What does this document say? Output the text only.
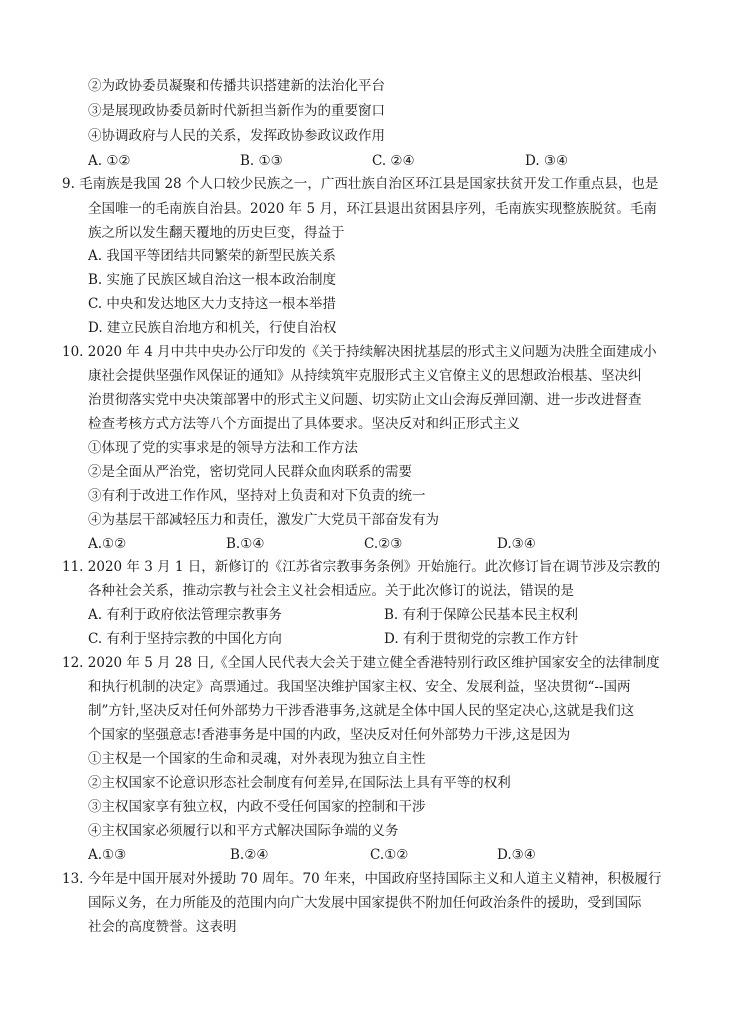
②为政协委员凝聚和传播共识搭建新的法治化平台
③是展现政协委员新时代新担当新作为的重要窗口
④协调政府与人民的关系，发挥政协参政议政作用
A. ①②	B. ①③	C. ②④	D. ③④
9. 毛南族是我国 28 个人口较少民族之一，广西壮族自治区环江县是国家扶贫开发工作重点县，也是
全国唯一的毛南族自治县。2020 年 5 月，环江县退出贫困县序列，毛南族实现整族脱贫。毛南
族之所以发生翻天覆地的历史巨变，得益于
A. 我国平等团结共同繁荣的新型民族关系
B. 实施了民族区域自治这一根本政治制度
C. 中央和发达地区大力支持这一根本举措
D. 建立民族自治地方和机关，行使自治权
10. 2020 年 4 月中共中央办公厅印发的《关于持续解决困扰基层的形式主义问题为决胜全面建成小
康社会提供坚强作风保证的通知》从持续筑牢克服形式主义官僚主义的思想政治根基、坚决纠
治贯彻落实党中央决策部署中的形式主义问题、切实防止文山会海反弹回潮、进一步改进督查
检查考核方式方法等八个方面提出了具体要求。坚决反对和纠正形式主义
①体现了党的实事求是的领导方法和工作方法
②是全面从严治党，密切党同人民群众血肉联系的需要
③有利于改进工作作风，坚持对上负责和对下负责的统一
④为基层干部减轻压力和责任，激发广大党员干部奋发有为
A.①②	B.①④	C.②③	D.③④
11. 2020 年 3 月 1 日，新修订的《江苏省宗教事务条例》开始施行。此次修订旨在调节涉及宗教的
各种社会关系，推动宗教与社会主义社会相适应。关于此次修订的说法，错误的是
A. 有利于政府依法管理宗教事务	B. 有利于保障公民基本民主权利
C. 有利于坚持宗教的中国化方向	D. 有利于贯彻党的宗教工作方针
12. 2020 年 5 月 28 日,《全国人民代表大会关于建立健全香港特别行政区维护国家安全的法律制度
和执行机制的决定》高票通过。我国坚决维护国家主权、安全、发展利益，坚决贯彻“--国两
制”方针,坚决反对任何外部势力干涉香港事务,这就是全体中国人民的坚定决心,这就是我们这
个国家的坚强意志!香港事务是中国的内政，坚决反对任何外部势力干涉,这是因为
①主权是一个国家的生命和灵魂，对外表现为独立自主性
②主权国家不论意识形态社会制度有何差异,在国际法上具有平等的权利
③主权国家享有独立权，内政不受任何国家的控制和干涉
④主权国家必须履行以和平方式解决国际争端的义务
A.①③	B.②④	C.①②	D.③④
13. 今年是中国开展对外援助 70 周年。70 年来，中国政府坚持国际主义和人道主义精神，积极履行
国际义务，在力所能及的范围内向广大发展中国家提供不附加任何政治条件的援助，受到国际
社会的高度赞誉。这表明
